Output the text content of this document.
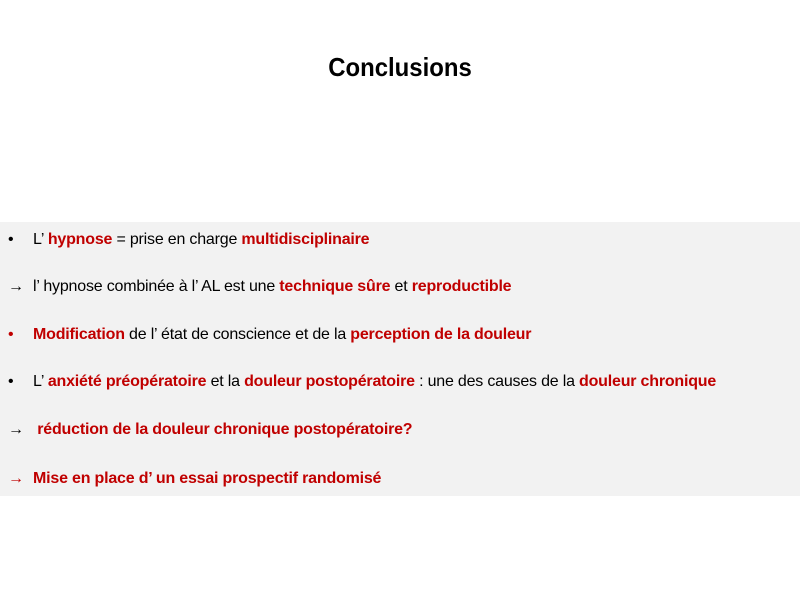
Conclusions
• L’ hypnose = prise en charge multidisciplinaire
→ l’ hypnose combinée à l’ AL est une technique sûre et reproductible
• Modification de l’ état de conscience et de la perception de la douleur
• L’ anxiété préopératoire et la douleur postopératoire : une des causes de la douleur chronique
→ réduction de la douleur chronique postopératoire?
→ Mise en place d’ un essai prospectif randomisé
